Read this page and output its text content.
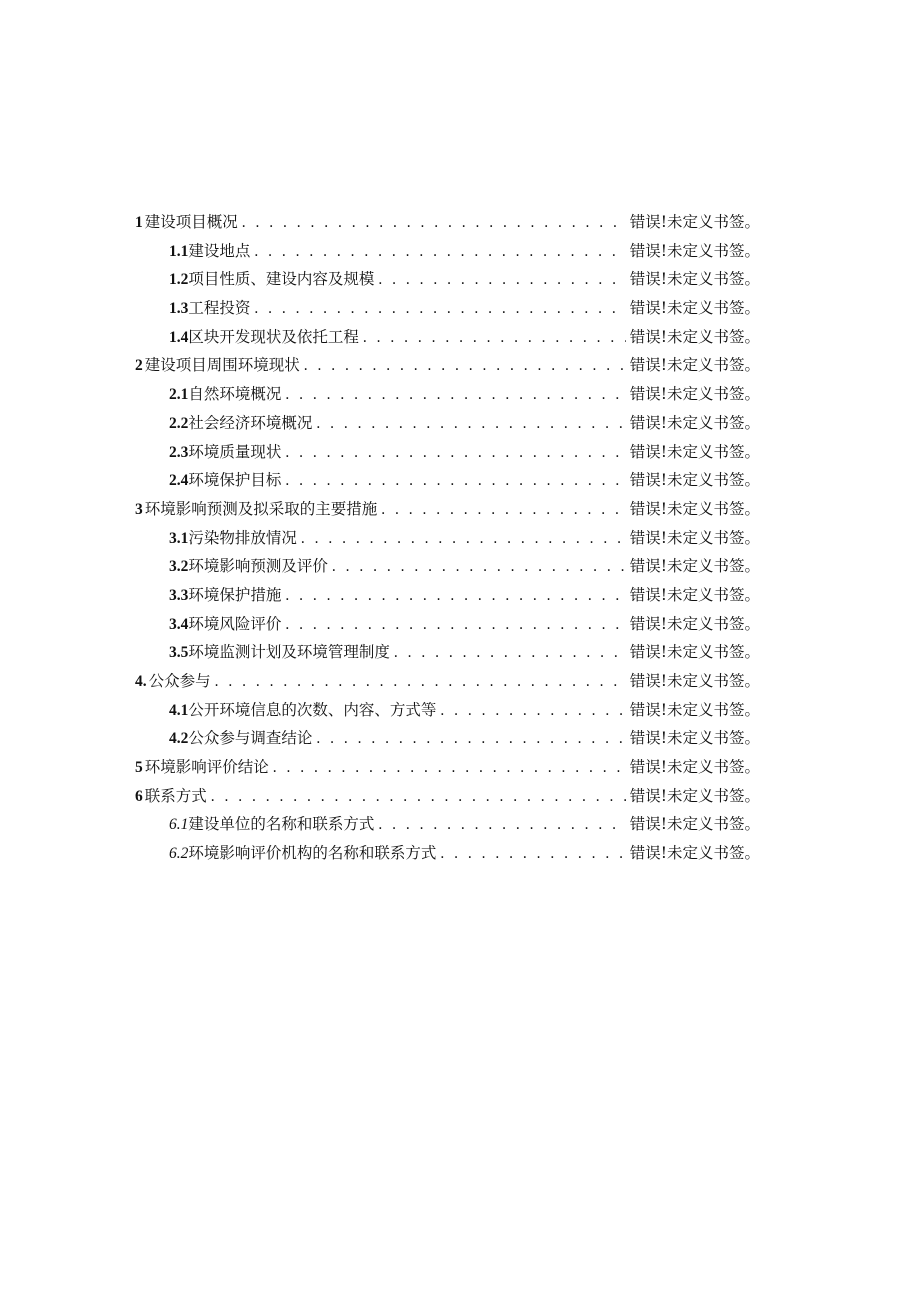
1 建设项目概况 . . .	错误!未定义书签。
1.1 建设地点 . . .	错误!未定义书签。
1.2 项目性质、建设内容及规模 . . .	错误!未定义书签。
1.3 工程投资 . . .	错误!未定义书签。
1.4 区块开发现状及依托工程 . . .	错误!未定义书签。
2 建设项目周围环境现状 . . .	错误!未定义书签。
2.1 自然环境概况 . . .	错误!未定义书签。
2.2 社会经济环境概况 . . .	错误!未定义书签。
2.3 环境质量现状 . . .	错误!未定义书签。
2.4 环境保护目标 . . .	错误!未定义书签。
3 环境影响预测及拟采取的主要措施 . . .	错误!未定义书签。
3.1 污染物排放情况 . . .	错误!未定义书签。
3.2 环境影响预测及评价 . . .	错误!未定义书签。
3.3 环境保护措施 . . .	错误!未定义书签。
3.4 环境风险评价 . . .	错误!未定义书签。
3.5 环境监测计划及环境管理制度 . . .	错误!未定义书签。
4. 公众参与 . . .	错误!未定义书签。
4.1 公开环境信息的次数、内容、方式等 . . .	错误!未定义书签。
4.2 公众参与调查结论 . . .	错误!未定义书签。
5 环境影响评价结论 . . .	错误!未定义书签。
6 联系方式 . . .	错误!未定义书签。
6.1 建设单位的名称和联系方式 . . .	错误!未定义书签。
6.2 环境影响评价机构的名称和联系方式 . . .	错误!未定义书签。
